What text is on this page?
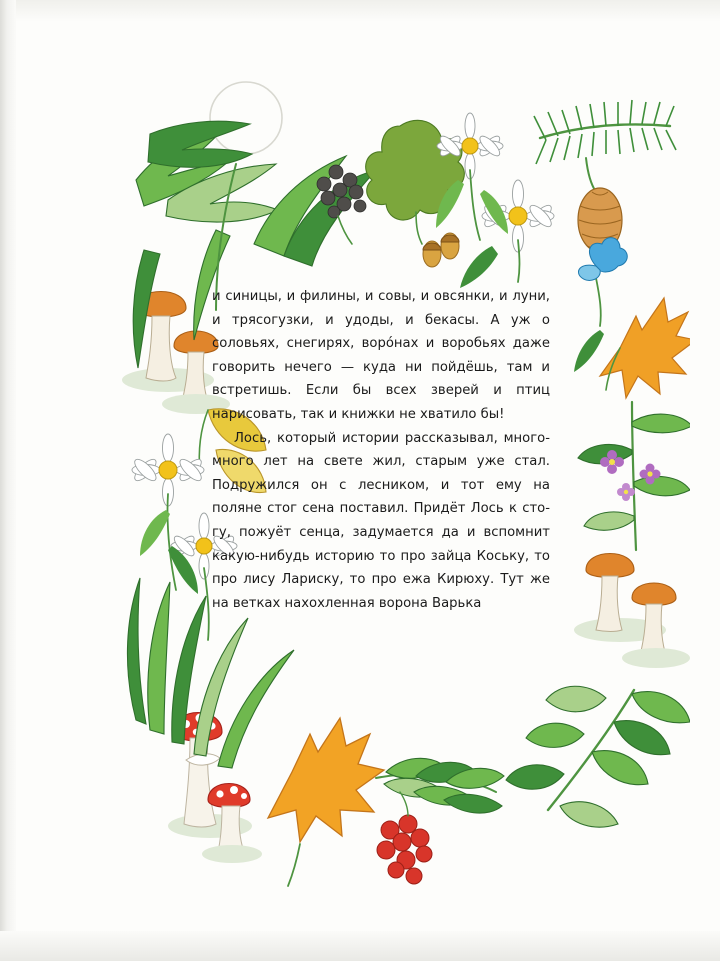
и синицы, и филины, и совы, и овсянки, и луни, и трясогузки, и удоды, и бекасы. А уж о соловьях, снегирях, воро́нах и воробьях даже говорить нечего — куда ни пойдёшь, там и встретишь. Если бы всех зверей и птиц нарисовать, так и книжки не хватило бы!

Лось, который истории рассказывал, много-много лет на свете жил, старым уже стал. Подружился он с лесником, и тот ему на поляне стог сена поставил. Придёт Лось к стогу, пожуёт сенца, задумается да и вспомнит какую-нибудь историю то про зайца Коську, то про лису Лариску, то про ежа Кирюху. Тут же на ветках нахохленная ворона Варька
